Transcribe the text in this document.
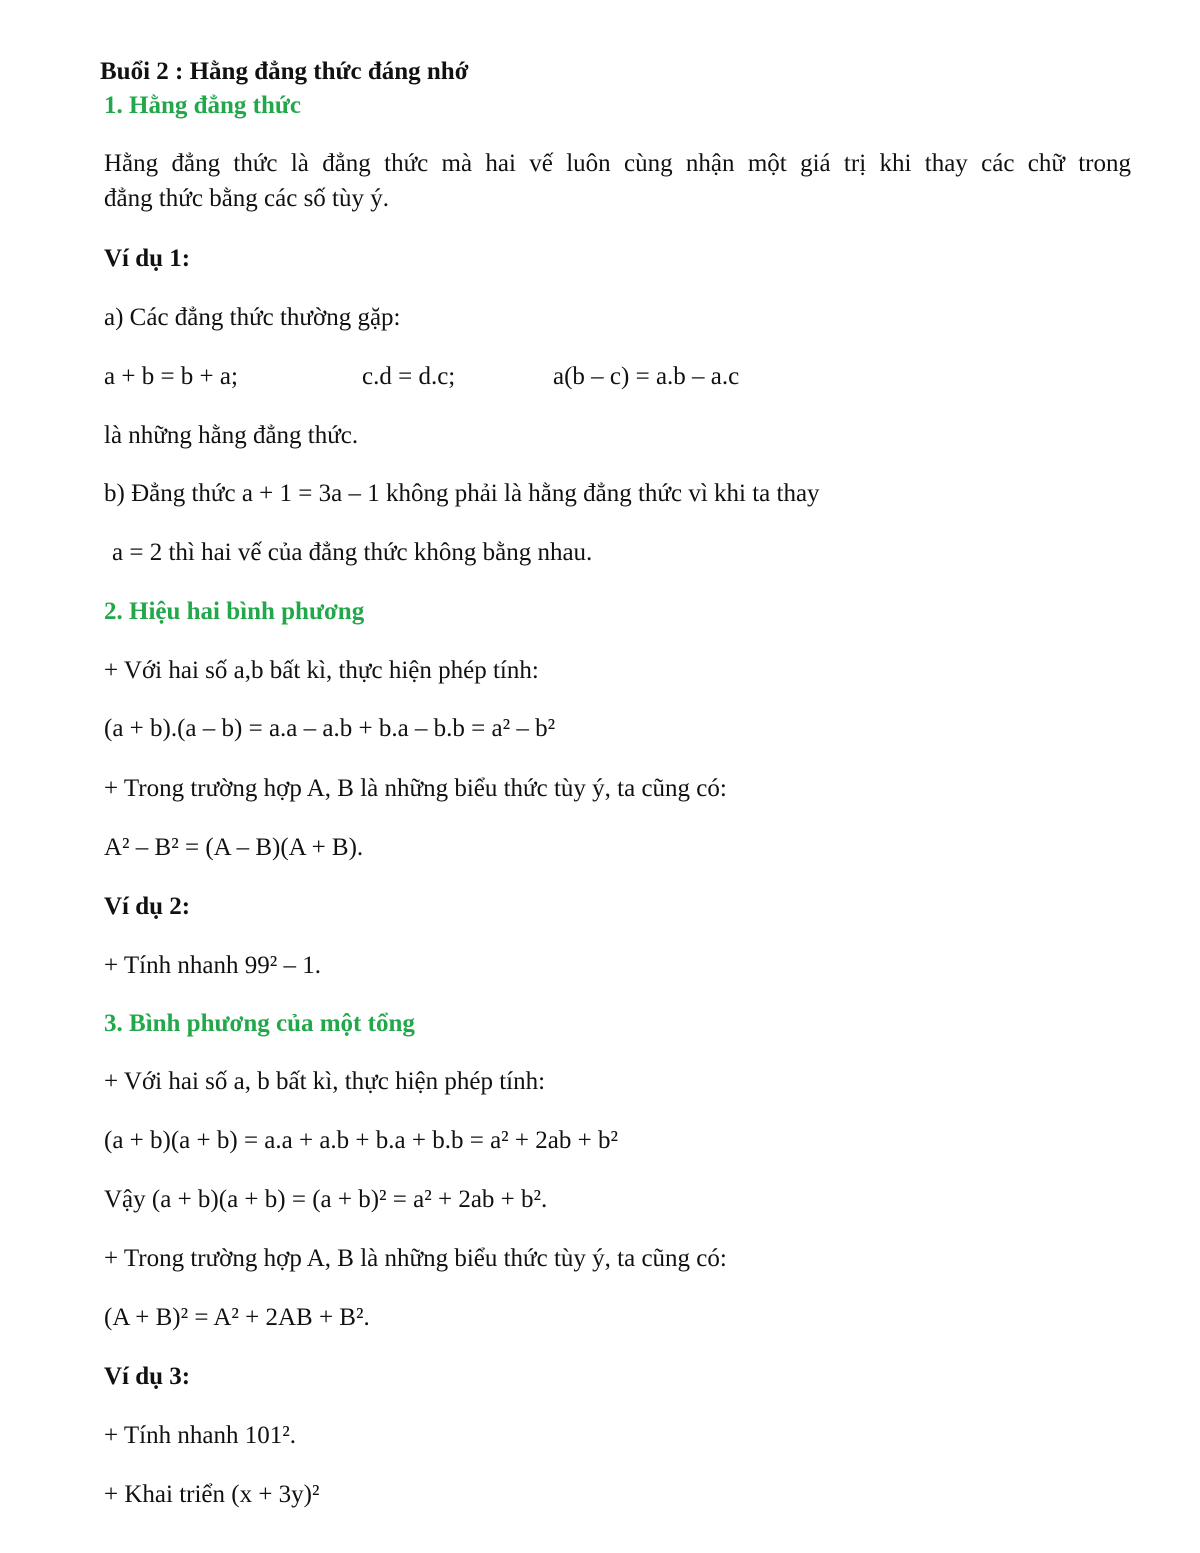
Buổi 2 : Hằng đẳng thức đáng nhớ
1. Hằng đẳng thức
Hằng đẳng thức là đẳng thức mà hai vế luôn cùng nhận một giá trị khi thay các chữ trong
đẳng thức bằng các số tùy ý.
Ví dụ 1:
a) Các đẳng thức thường gặp:
a + b = b + a;	c.d = d.c;	a(b – c) = a.b – a.c
là những hằng đẳng thức.
b) Đẳng thức a + 1 = 3a – 1 không phải là hằng đẳng thức vì khi ta thay
a = 2 thì hai vế của đẳng thức không bằng nhau.
2. Hiệu hai bình phương
+ Với hai số a,b bất kì, thực hiện phép tính:
(a + b).(a – b) = a.a – a.b + b.a – b.b = a² – b²
+ Trong trường hợp A, B là những biểu thức tùy ý, ta cũng có:
A² – B² = (A – B)(A + B).
Ví dụ 2:
+ Tính nhanh 99² – 1.
3. Bình phương của một tổng
+ Với hai số a, b bất kì, thực hiện phép tính:
(a + b)(a + b) = a.a + a.b + b.a + b.b = a² + 2ab + b²
Vậy (a + b)(a + b) = (a + b)² = a² + 2ab + b².
+ Trong trường hợp A, B là những biểu thức tùy ý, ta cũng có:
(A + B)² = A² + 2AB + B².
Ví dụ 3:
+ Tính nhanh 101².
+ Khai triển (x + 3y)²
